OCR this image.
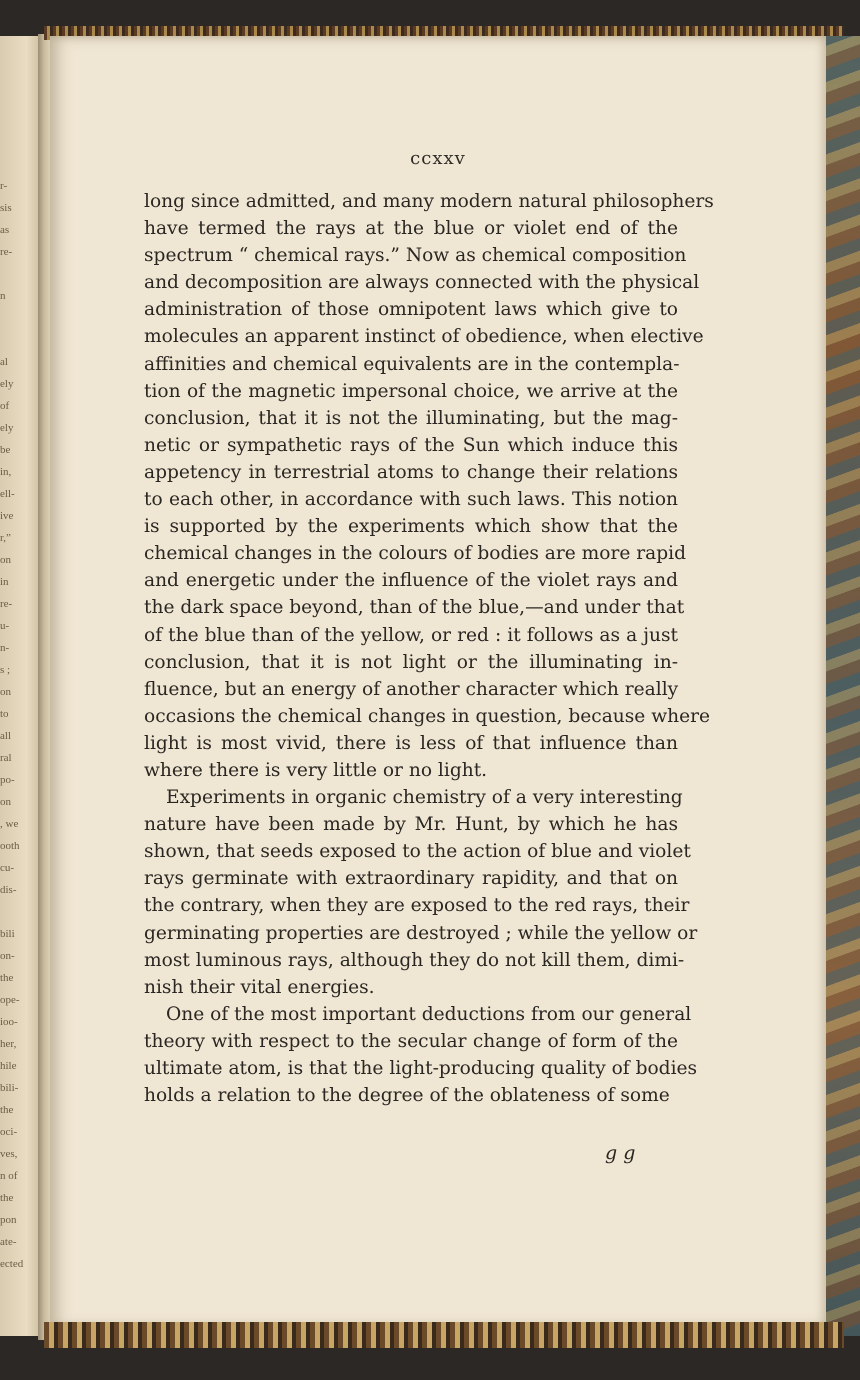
r-
sis
as
re-
n
al
ely
of
ely
be
in,
ell-
ive
r,”
on
in
re-
u-
n-
s ;
on
to
all
ral
po-
on
, we
ooth
cu-
dis-
bili
on-
the
ope-
ioo-
her,
hile
bili-
the
oci-
ves,
n of
the
pon
ate-
ected
ccxxv

long since admitted, and many modern natural philosophers
have termed the rays at the blue or violet end of the
spectrum “ chemical rays.” Now as chemical composition
and decomposition are always connected with the physical
administration of those omnipotent laws which give to
molecules an apparent instinct of obedience, when elective
affinities and chemical equivalents are in the contempla-
tion of the magnetic impersonal choice, we arrive at the
conclusion, that it is not the illuminating, but the mag-
netic or sympathetic rays of the Sun which induce this
appetency in terrestrial atoms to change their relations
to each other, in accordance with such laws. This notion
is supported by the experiments which show that the
chemical changes in the colours of bodies are more rapid
and energetic under the influence of the violet rays and
the dark space beyond, than of the blue,—and under that
of the blue than of the yellow, or red : it follows as a just
conclusion, that it is not light or the illuminating in-
fluence, but an energy of another character which really
occasions the chemical changes in question, because where
light is most vivid, there is less of that influence than
where there is very little or no light.

Experiments in organic chemistry of a very interesting
nature have been made by Mr. Hunt, by which he has
shown, that seeds exposed to the action of blue and violet
rays germinate with extraordinary rapidity, and that on
the contrary, when they are exposed to the red rays, their
germinating properties are destroyed ; while the yellow or
most luminous rays, although they do not kill them, dimi-
nish their vital energies.

One of the most important deductions from our general
theory with respect to the secular change of form of the
ultimate atom, is that the light-producing quality of bodies
holds a relation to the degree of the oblateness of some

g g
